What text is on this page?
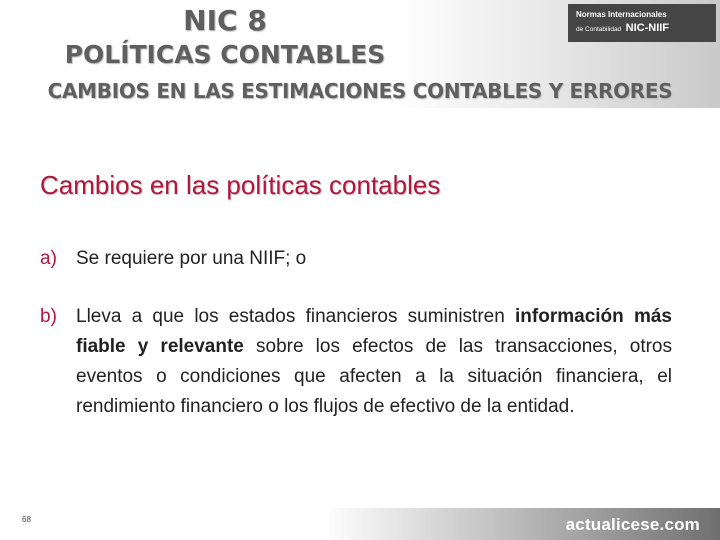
NIC 8
POLÍTICAS CONTABLES
CAMBIOS EN LAS ESTIMACIONES CONTABLES Y ERRORES
Normas Internacionales
de Contabilidad NIC-NIIF
Cambios en las políticas contables
a)	Se requiere por una NIIF; o
b)	Lleva a que los estados financieros suministren información más fiable y relevante sobre los efectos de las transacciones, otros eventos o condiciones que afecten a la situación financiera, el rendimiento financiero o los flujos de efectivo de la entidad.
68	actualicese.com
